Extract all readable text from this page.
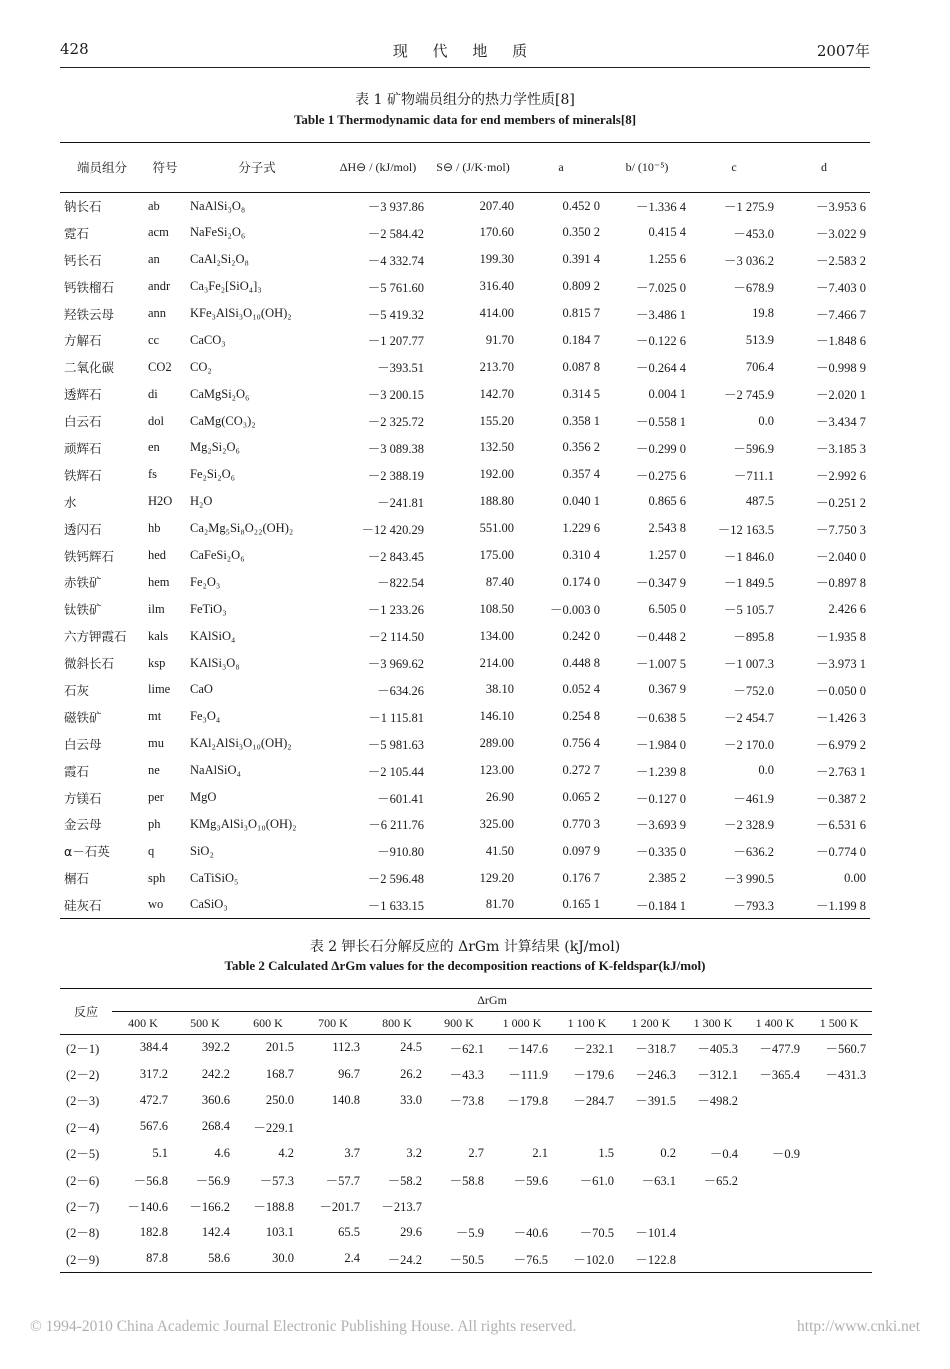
428	现 代 地 质	2007年
表 1 矿物端员组分的热力学性质[8]
Table 1 Thermodynamic data for end members of minerals[8]
端员组分	符号	分子式	ΔH⊖ / (kJ/mol)	S⊖ / (J/K·mol)	a	b/ (10⁻⁵)	c	d
钠长石	ab	NaAlSi₃O₈	－3 937.86	207.40	0.452 0	－1.336 4	－1 275.9	－3.953 6
霓石	acm	NaFeSi₂O₆	－2 584.42	170.60	0.350 2	0.415 4	－453.0	－3.022 9
钙长石	an	CaAl₂Si₂O₈	－4 332.74	199.30	0.391 4	1.255 6	－3 036.2	－2.583 2
钙铁榴石	andr	Ca₃Fe₂[SiO₄]₃	－5 761.60	316.40	0.809 2	－7.025 0	－678.9	－7.403 0
羟铁云母	ann	KFe₃AlSi₃O₁₀(OH)₂	－5 419.32	414.00	0.815 7	－3.486 1	19.8	－7.466 7
方解石	cc	CaCO₃	－1 207.77	91.70	0.184 7	－0.122 6	513.9	－1.848 6
二氧化碳	CO2	CO₂	－393.51	213.70	0.087 8	－0.264 4	706.4	－0.998 9
透辉石	di	CaMgSi₂O₆	－3 200.15	142.70	0.314 5	0.004 1	－2 745.9	－2.020 1
白云石	dol	CaMg(CO₃)₂	－2 325.72	155.20	0.358 1	－0.558 1	0.0	－3.434 7
顽辉石	en	Mg₂Si₂O₆	－3 089.38	132.50	0.356 2	－0.299 0	－596.9	－3.185 3
铁辉石	fs	Fe₂Si₂O₆	－2 388.19	192.00	0.357 4	－0.275 6	－711.1	－2.992 6
水	H2O	H₂O	－241.81	188.80	0.040 1	0.865 6	487.5	－0.251 2
透闪石	hb	Ca₂Mg₅Si₈O₂₂(OH)₂	－12 420.29	551.00	1.229 6	2.543 8	－12 163.5	－7.750 3
铁钙辉石	hed	CaFeSi₂O₆	－2 843.45	175.00	0.310 4	1.257 0	－1 846.0	－2.040 0
赤铁矿	hem	Fe₂O₃	－822.54	87.40	0.174 0	－0.347 9	－1 849.5	－0.897 8
钛铁矿	ilm	FeTiO₃	－1 233.26	108.50	－0.003 0	6.505 0	－5 105.7	2.426 6
六方钾霞石	kals	KAlSiO₄	－2 114.50	134.00	0.242 0	－0.448 2	－895.8	－1.935 8
微斜长石	ksp	KAlSi₃O₈	－3 969.62	214.00	0.448 8	－1.007 5	－1 007.3	－3.973 1
石灰	lime	CaO	－634.26	38.10	0.052 4	0.367 9	－752.0	－0.050 0
磁铁矿	mt	Fe₃O₄	－1 115.81	146.10	0.254 8	－0.638 5	－2 454.7	－1.426 3
白云母	mu	KAl₂AlSi₃O₁₀(OH)₂	－5 981.63	289.00	0.756 4	－1.984 0	－2 170.0	－6.979 2
霞石	ne	NaAlSiO₄	－2 105.44	123.00	0.272 7	－1.239 8	0.0	－2.763 1
方镁石	per	MgO	－601.41	26.90	0.065 2	－0.127 0	－461.9	－0.387 2
金云母	ph	KMg₃AlSi₃O₁₀(OH)₂	－6 211.76	325.00	0.770 3	－3.693 9	－2 328.9	－6.531 6
α－石英	q	SiO₂	－910.80	41.50	0.097 9	－0.335 0	－636.2	－0.774 0
榍石	sph	CaTiSiO₅	－2 596.48	129.20	0.176 7	2.385 2	－3 990.5	0.00
硅灰石	wo	CaSiO₃	－1 633.15	81.70	0.165 1	－0.184 1	－793.3	－1.199 8
表 2 钾长石分解反应的 ΔrGm 计算结果 (kJ/mol)
Table 2 Calculated ΔrGm values for the decomposition reactions of K-feldspar(kJ/mol)
反应	ΔrGm											
	400 K	500 K	600 K	700 K	800 K	900 K	1 000 K	1 100 K	1 200 K	1 300 K	1 400 K	1 500 K
(2－1)	384.4	392.2	201.5	112.3	24.5	－62.1	－147.6	－232.1	－318.7	－405.3	－477.9	－560.7
(2－2)	317.2	242.2	168.7	96.7	26.2	－43.3	－111.9	－179.6	－246.3	－312.1	－365.4	－431.3
(2－3)	472.7	360.6	250.0	140.8	33.0	－73.8	－179.8	－284.7	－391.5	－498.2		
(2－4)	567.6	268.4	－229.1									
(2－5)	5.1	4.6	4.2	3.7	3.2	2.7	2.1	1.5	0.2	－0.4	－0.9	
(2－6)	－56.8	－56.9	－57.3	－57.7	－58.2	－58.8	－59.6	－61.0	－63.1	－65.2		
(2－7)	－140.6	－166.2	－188.8	－201.7	－213.7							
(2－8)	182.8	142.4	103.1	65.5	29.6	－5.9	－40.6	－70.5	－101.4			
(2－9)	87.8	58.6	30.0	2.4	－24.2	－50.5	－76.5	－102.0	－122.8			
© 1994-2010 China Academic Journal Electronic Publishing House. All rights reserved.	http://www.cnki.net
